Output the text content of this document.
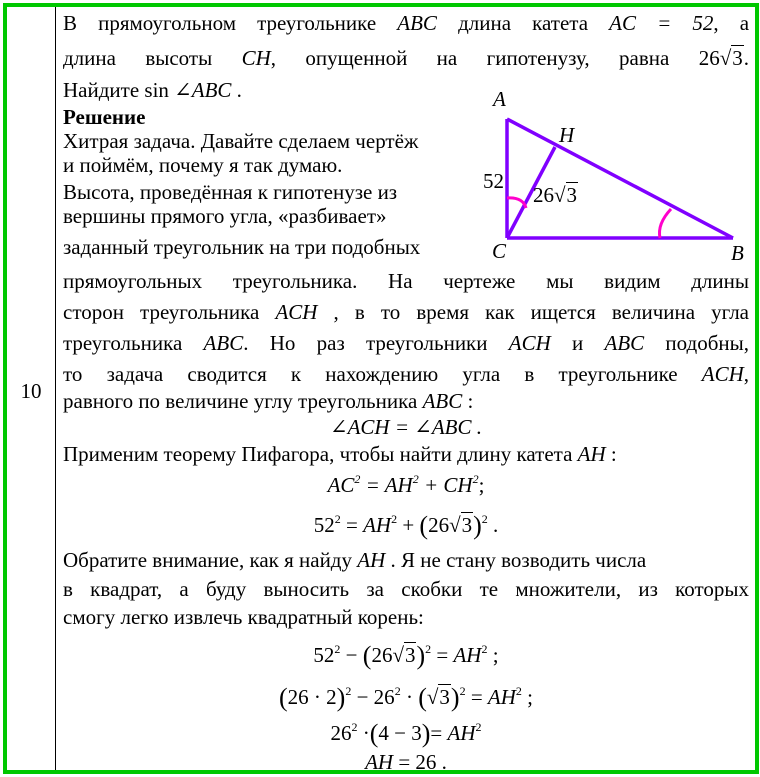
10
В прямоугольном треугольнике ABC длина катета AC = 52, а
длина высоты CH, опущенной на гипотенузу, равна 26√3.
Найдите sin ∠ABC .
Решение
Хитрая задача. Давайте сделаем чертёж
и поймём, почему я так думаю.
Высота, проведённая к гипотенузе из
вершины прямого угла, «разбивает»
заданный треугольник на три подобных
прямоугольных треугольника. На чертеже мы видим длины
сторон треугольника ACH , в то время как ищется величина угла
треугольника ABC. Но раз треугольники ACH и ABC подобны,
то задача сводится к нахождению угла в треугольнике ACH,
равного по величине углу треугольника ABC :
∠ACH = ∠ABC .
Применим теорему Пифагора, чтобы найти длину катета AH :
$AC^2 = AH^2 + CH^2$;
$52^2 = AH^2 + (26√3)^2$ .
Обратите внимание, как я найду AH . Я не стану возводить числа
в квадрат, а буду выносить за скобки те множители, из которых
смогу легко извлечь квадратный корень:
$52^2 - (26√3)^2 = AH^2$ ;
$(26 \cdot 2)^2 - 26^2 \cdot (√3)^2 = AH^2$ ;
$26^2 \cdot(4 - 3)= AH^2$
AH = 26 .
A
H
C	B
52
26√3
